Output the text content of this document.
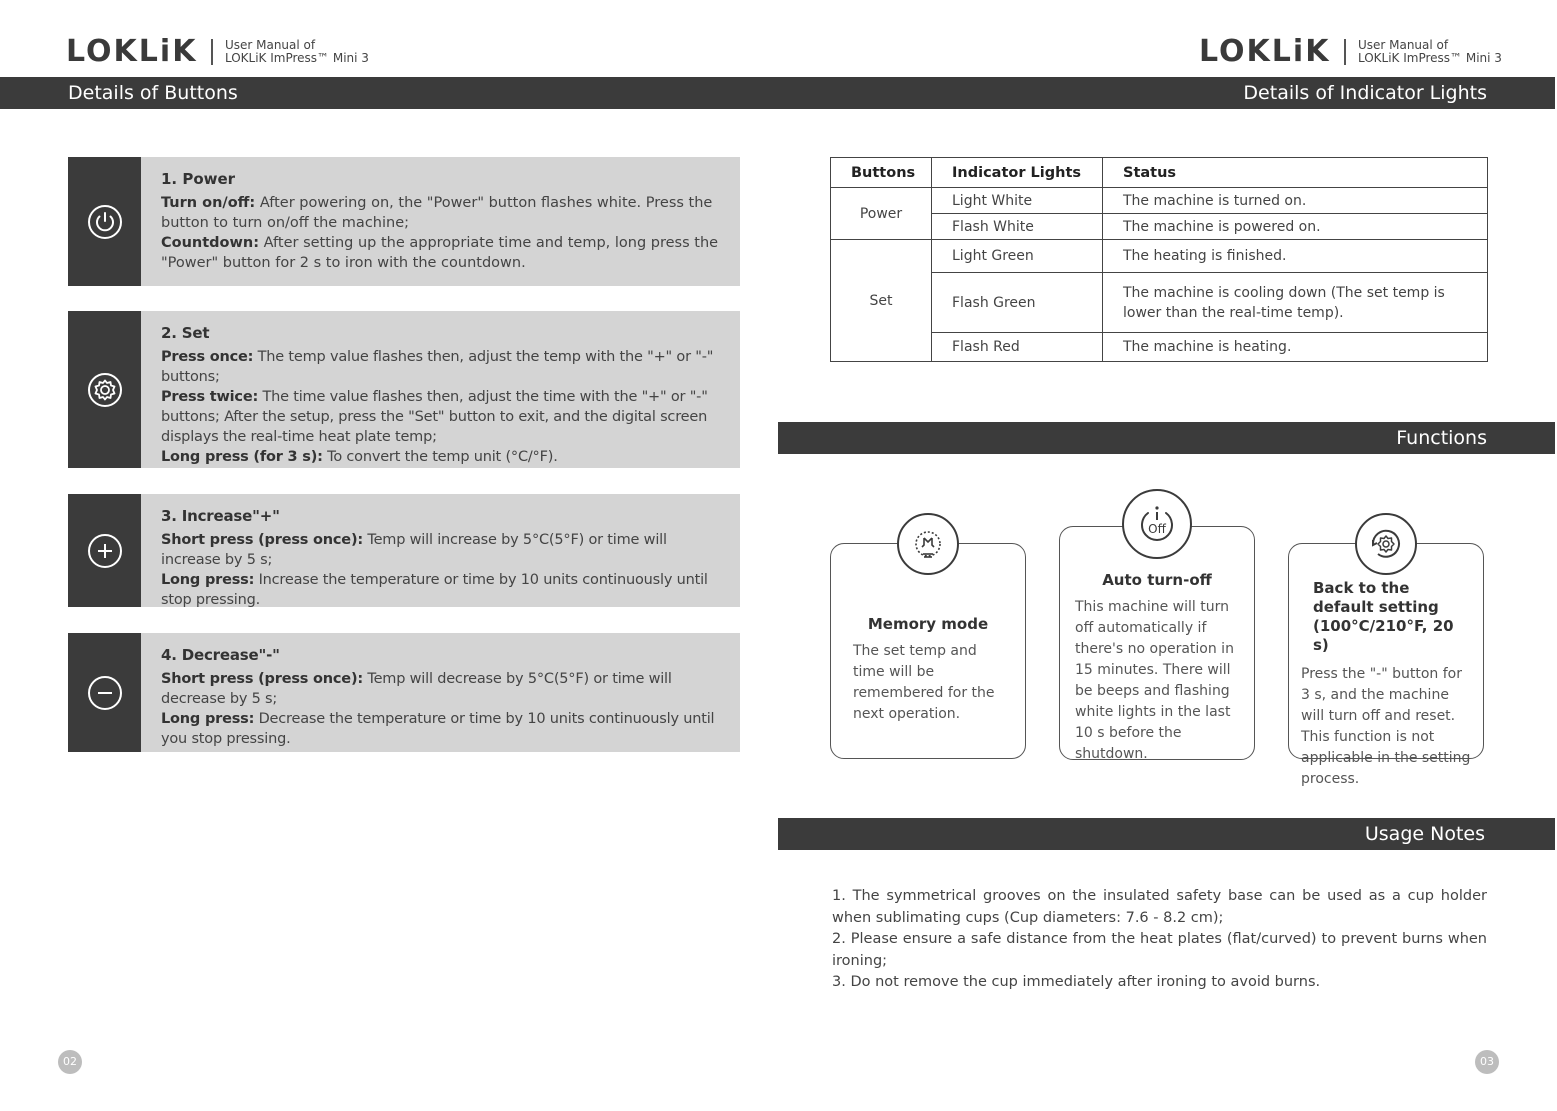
LOKLiK User Manual of
LOKLiK ImPress™ Mini 3	LOKLiK User Manual of
LOKLiK ImPress™ Mini 3
Details of Buttons	Details of Indicator Lights
1. Power
Turn on/off: After powering on, the "Power" button flashes white. Press the button to turn on/off the machine;
Countdown: After setting up the appropriate time and temp, long press the "Power" button for 2 s to iron with the countdown.
2. Set
Press once: The temp value flashes then, adjust the temp with the "+" or "-" buttons;
Press twice: The time value flashes then, adjust the time with the "+" or "-" buttons; After the setup, press the "Set" button to exit, and the digital screen displays the real-time heat plate temp;
Long press (for 3 s): To convert the temp unit (°C/°F).
3. Increase"+"
Short press (press once): Temp will increase by 5°C(5°F) or time will increase by 5 s;
Long press: Increase the temperature or time by 10 units continuously until stop pressing.
4. Decrease"-"
Short press (press once): Temp will decrease by 5°C(5°F) or time will decrease by 5 s;
Long press: Decrease the temperature or time by 10 units continuously until you stop pressing.
Buttons	Indicator Lights	Status
Power	Light White	The machine is turned on.
	Flash White	The machine is powered on.
Set	Light Green	The heating is finished.
	Flash Green	The machine is cooling down (The set temp is lower than the real-time temp).
	Flash Red	The machine is heating.
Functions
Memory mode
The set temp and time will be remembered for the next operation.
Off
Auto turn-off
This machine will turn off automatically if there's no operation in 15 minutes. There will be beeps and flashing white lights in the last 10 s before the shutdown.
Back to the default setting (100°C/210°F, 20 s)
Press the "-" button for 3 s, and the machine will turn off and reset. This function is not applicable in the setting process.
Usage Notes
1. The symmetrical grooves on the insulated safety base can be used as a cup holder when sublimating cups (Cup diameters: 7.6 - 8.2 cm);
2. Please ensure a safe distance from the heat plates (flat/curved) to prevent burns when ironing;
3. Do not remove the cup immediately after ironing to avoid burns.
02	03
